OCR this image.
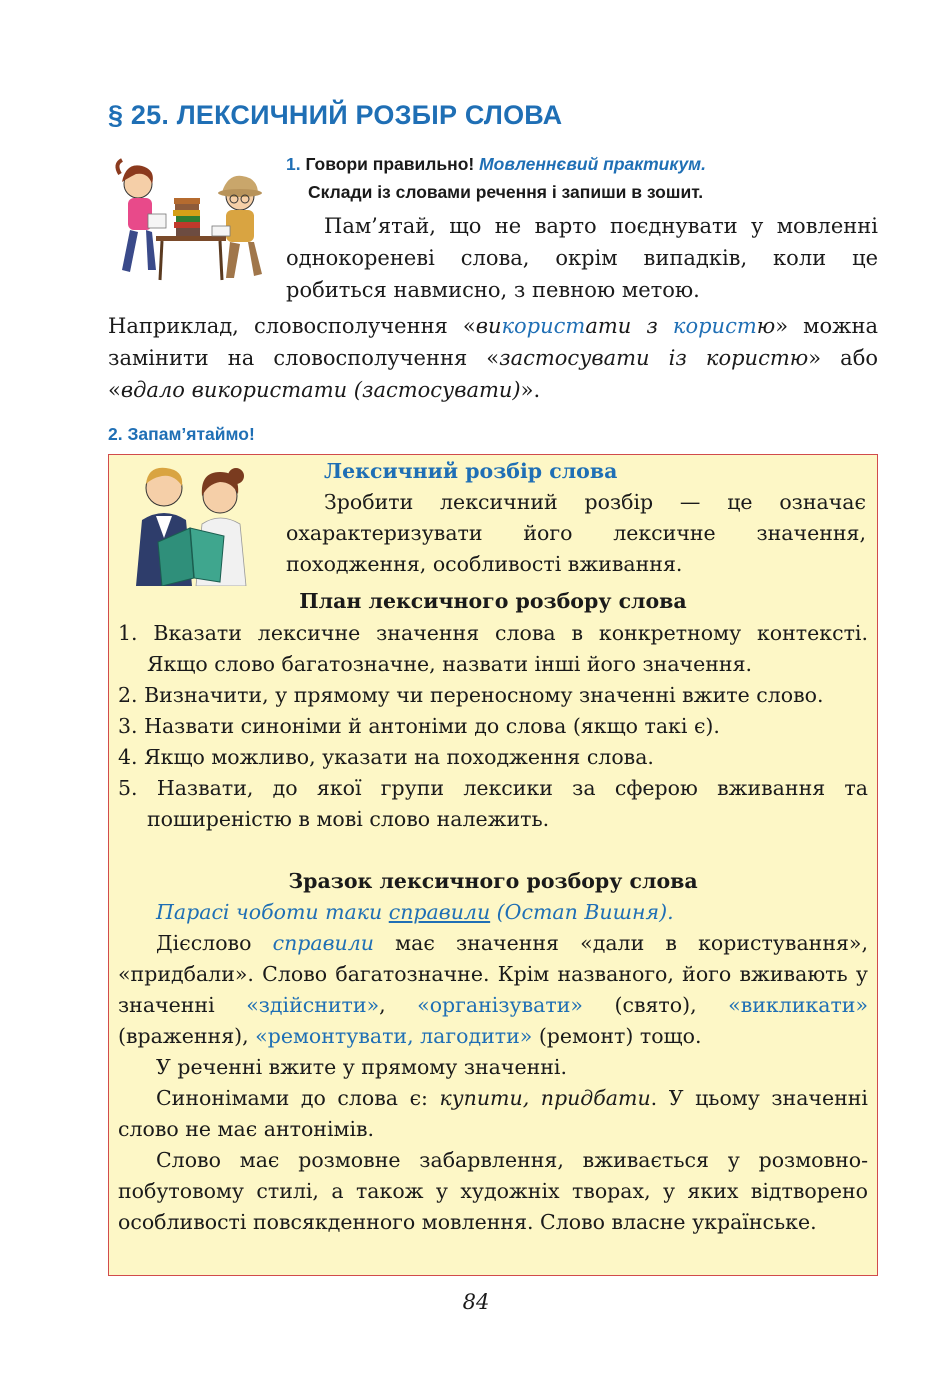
§ 25. ЛЕКСИЧНИЙ РОЗБІР СЛОВА
1. Говори правильно! Мовленнєвий практикум.
Склади із словами речення і запиши в зошит.

Пам’ятай, що не варто поєднувати у мовленні однокореневі слова, окрім випадків, коли це робиться навмисно, з певною метою.

Наприклад, словосполучення «використати з користю» можна замінити на словосполучення «застосувати із користю» або «вдало використати (застосувати)».

2. Запам’ятаймо!

Лексичний розбір слова

Зробити лексичний розбір — це означає охарактеризувати його лексичне значення, походження, особливості вживання.

План лексичного розбору слова
1. Вказати лексичне значення слова в конкретному контексті. Якщо слово багатозначне, назвати інші його значення.
2. Визначити, у прямому чи переносному значенні вжите слово.
3. Назвати синоніми й антоніми до слова (якщо такі є).
4. Якщо можливо, указати на походження слова.
5. Назвати, до якої групи лексики за сферою вживання та поширеністю в мові слово належить.

Зразок лексичного розбору слова

Парасі чоботи таки справили (Остап Вишня).

Дієслово справили має значення «дали в користування», «придбали». Слово багатозначне. Крім названого, його вживають у значенні «здійснити», «організувати» (свято), «викликати» (враження), «ремонтувати, лагодити» (ремонт) тощо.

У реченні вжите у прямому значенні.

Синонімами до слова є: купити, придбати. У цьому значенні слово не має антонімів.

Слово має розмовне забарвлення, вживається у розмовно-побутовому стилі, а також у художніх творах, у яких відтворено особливості повсякденного мовлення. Слово власне українське.

84
